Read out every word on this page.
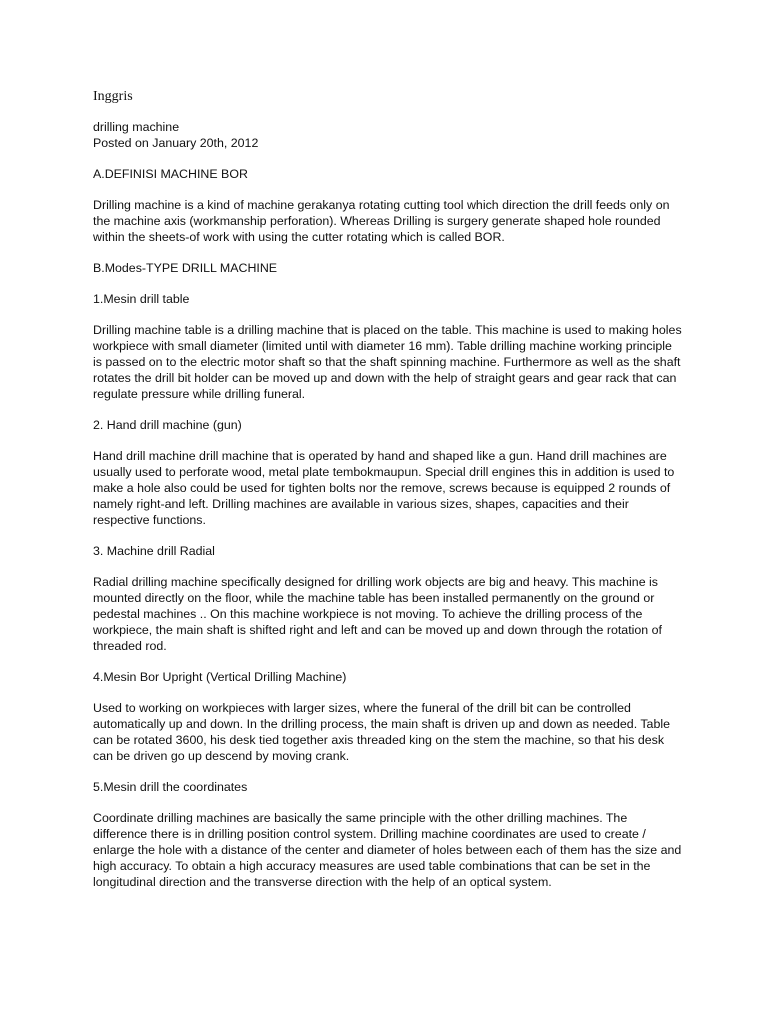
Inggris
drilling machine
Posted on January 20th, 2012
A.DEFINISI MACHINE BOR
Drilling machine is a kind of machine gerakanya rotating cutting tool which direction the drill feeds only on the machine axis (workmanship perforation). Whereas Drilling is surgery generate shaped hole rounded within the sheets-of work with using the cutter rotating which is called BOR.
B.Modes-TYPE DRILL MACHINE
1.Mesin drill table
Drilling machine table is a drilling machine that is placed on the table. This machine is used to making holes workpiece with small diameter (limited until with diameter 16 mm). Table drilling machine working principle is passed on to the electric motor shaft so that the shaft spinning machine. Furthermore as well as the shaft rotates the drill bit holder can be moved up and down with the help of straight gears and gear rack that can regulate pressure while drilling funeral.
2. Hand drill machine (gun)
Hand drill machine drill machine that is operated by hand and shaped like a gun. Hand drill machines are usually used to perforate wood, metal plate tembokmaupun. Special drill engines this in addition is used to make a hole also could be used for tighten bolts nor the remove, screws because is equipped 2 rounds of namely right-and left. Drilling machines are available in various sizes, shapes, capacities and their respective functions.
3. Machine drill Radial
Radial drilling machine specifically designed for drilling work objects are big and heavy. This machine is mounted directly on the floor, while the machine table has been installed permanently on the ground or pedestal machines .. On this machine workpiece is not moving. To achieve the drilling process of the workpiece, the main shaft is shifted right and left and can be moved up and down through the rotation of threaded rod.
4.Mesin Bor Upright (Vertical Drilling Machine)
Used to working on workpieces with larger sizes, where the funeral of the drill bit can be controlled automatically up and down. In the drilling process, the main shaft is driven up and down as needed. Table can be rotated 3600, his desk tied together axis threaded king on the stem the machine, so that his desk can be driven go up descend by moving crank.
5.Mesin drill the coordinates
Coordinate drilling machines are basically the same principle with the other drilling machines. The difference there is in drilling position control system. Drilling machine coordinates are used to create / enlarge the hole with a distance of the center and diameter of holes between each of them has the size and high accuracy. To obtain a high accuracy measures are used table combinations that can be set in the longitudinal direction and the transverse direction with the help of an optical system.
